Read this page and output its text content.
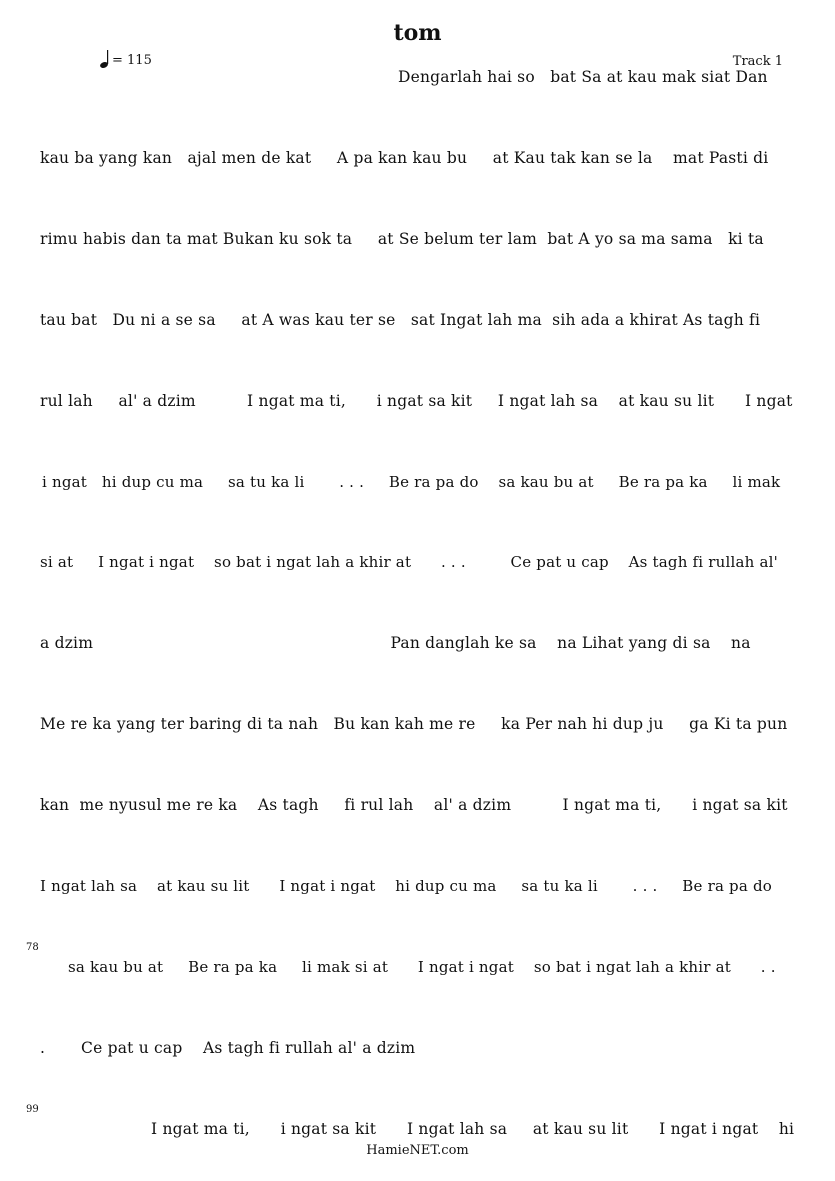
tom
= 115	Track 1
Dengarlah hai so   bat Sa at kau mak siat Dan
kau ba yang kan   ajal men de kat     A pa kan kau bu     at Kau tak kan se la    mat Pasti di
rimu habis dan ta mat Bukan ku sok ta     at Se belum ter lam  bat A yo sa ma sama   ki ta
tau bat   Du ni a se sa     at A was kau ter se   sat Ingat lah ma  sih ada a khirat As tagh fi
rul lah     al' a dzim          I ngat ma ti,      i ngat sa kit     I ngat lah sa    at kau su lit      I ngat
i ngat   hi dup cu ma     sa tu ka li       . . .     Be ra pa do    sa kau bu at     Be ra pa ka     li mak
si at     I ngat i ngat    so bat i ngat lah a khir at      . . .         Ce pat u cap    As tagh fi rullah al'
a dzim                                                          Pan danglah ke sa    na Lihat yang di sa    na
Me re ka yang ter baring di ta nah   Bu kan kah me re     ka Per nah hi dup ju     ga Ki ta pun
kan  me nyusul me re ka    As tagh     fi rul lah    al' a dzim          I ngat ma ti,      i ngat sa kit
I ngat lah sa    at kau su lit      I ngat i ngat    hi dup cu ma     sa tu ka li       . . .     Be ra pa do
78
sa kau bu at     Be ra pa ka     li mak si at      I ngat i ngat    so bat i ngat lah a khir at      . .
.       Ce pat u cap    As tagh fi rullah al' a dzim
99
I ngat ma ti,      i ngat sa kit      I ngat lah sa     at kau su lit      I ngat i ngat    hi
HamieNET.com
